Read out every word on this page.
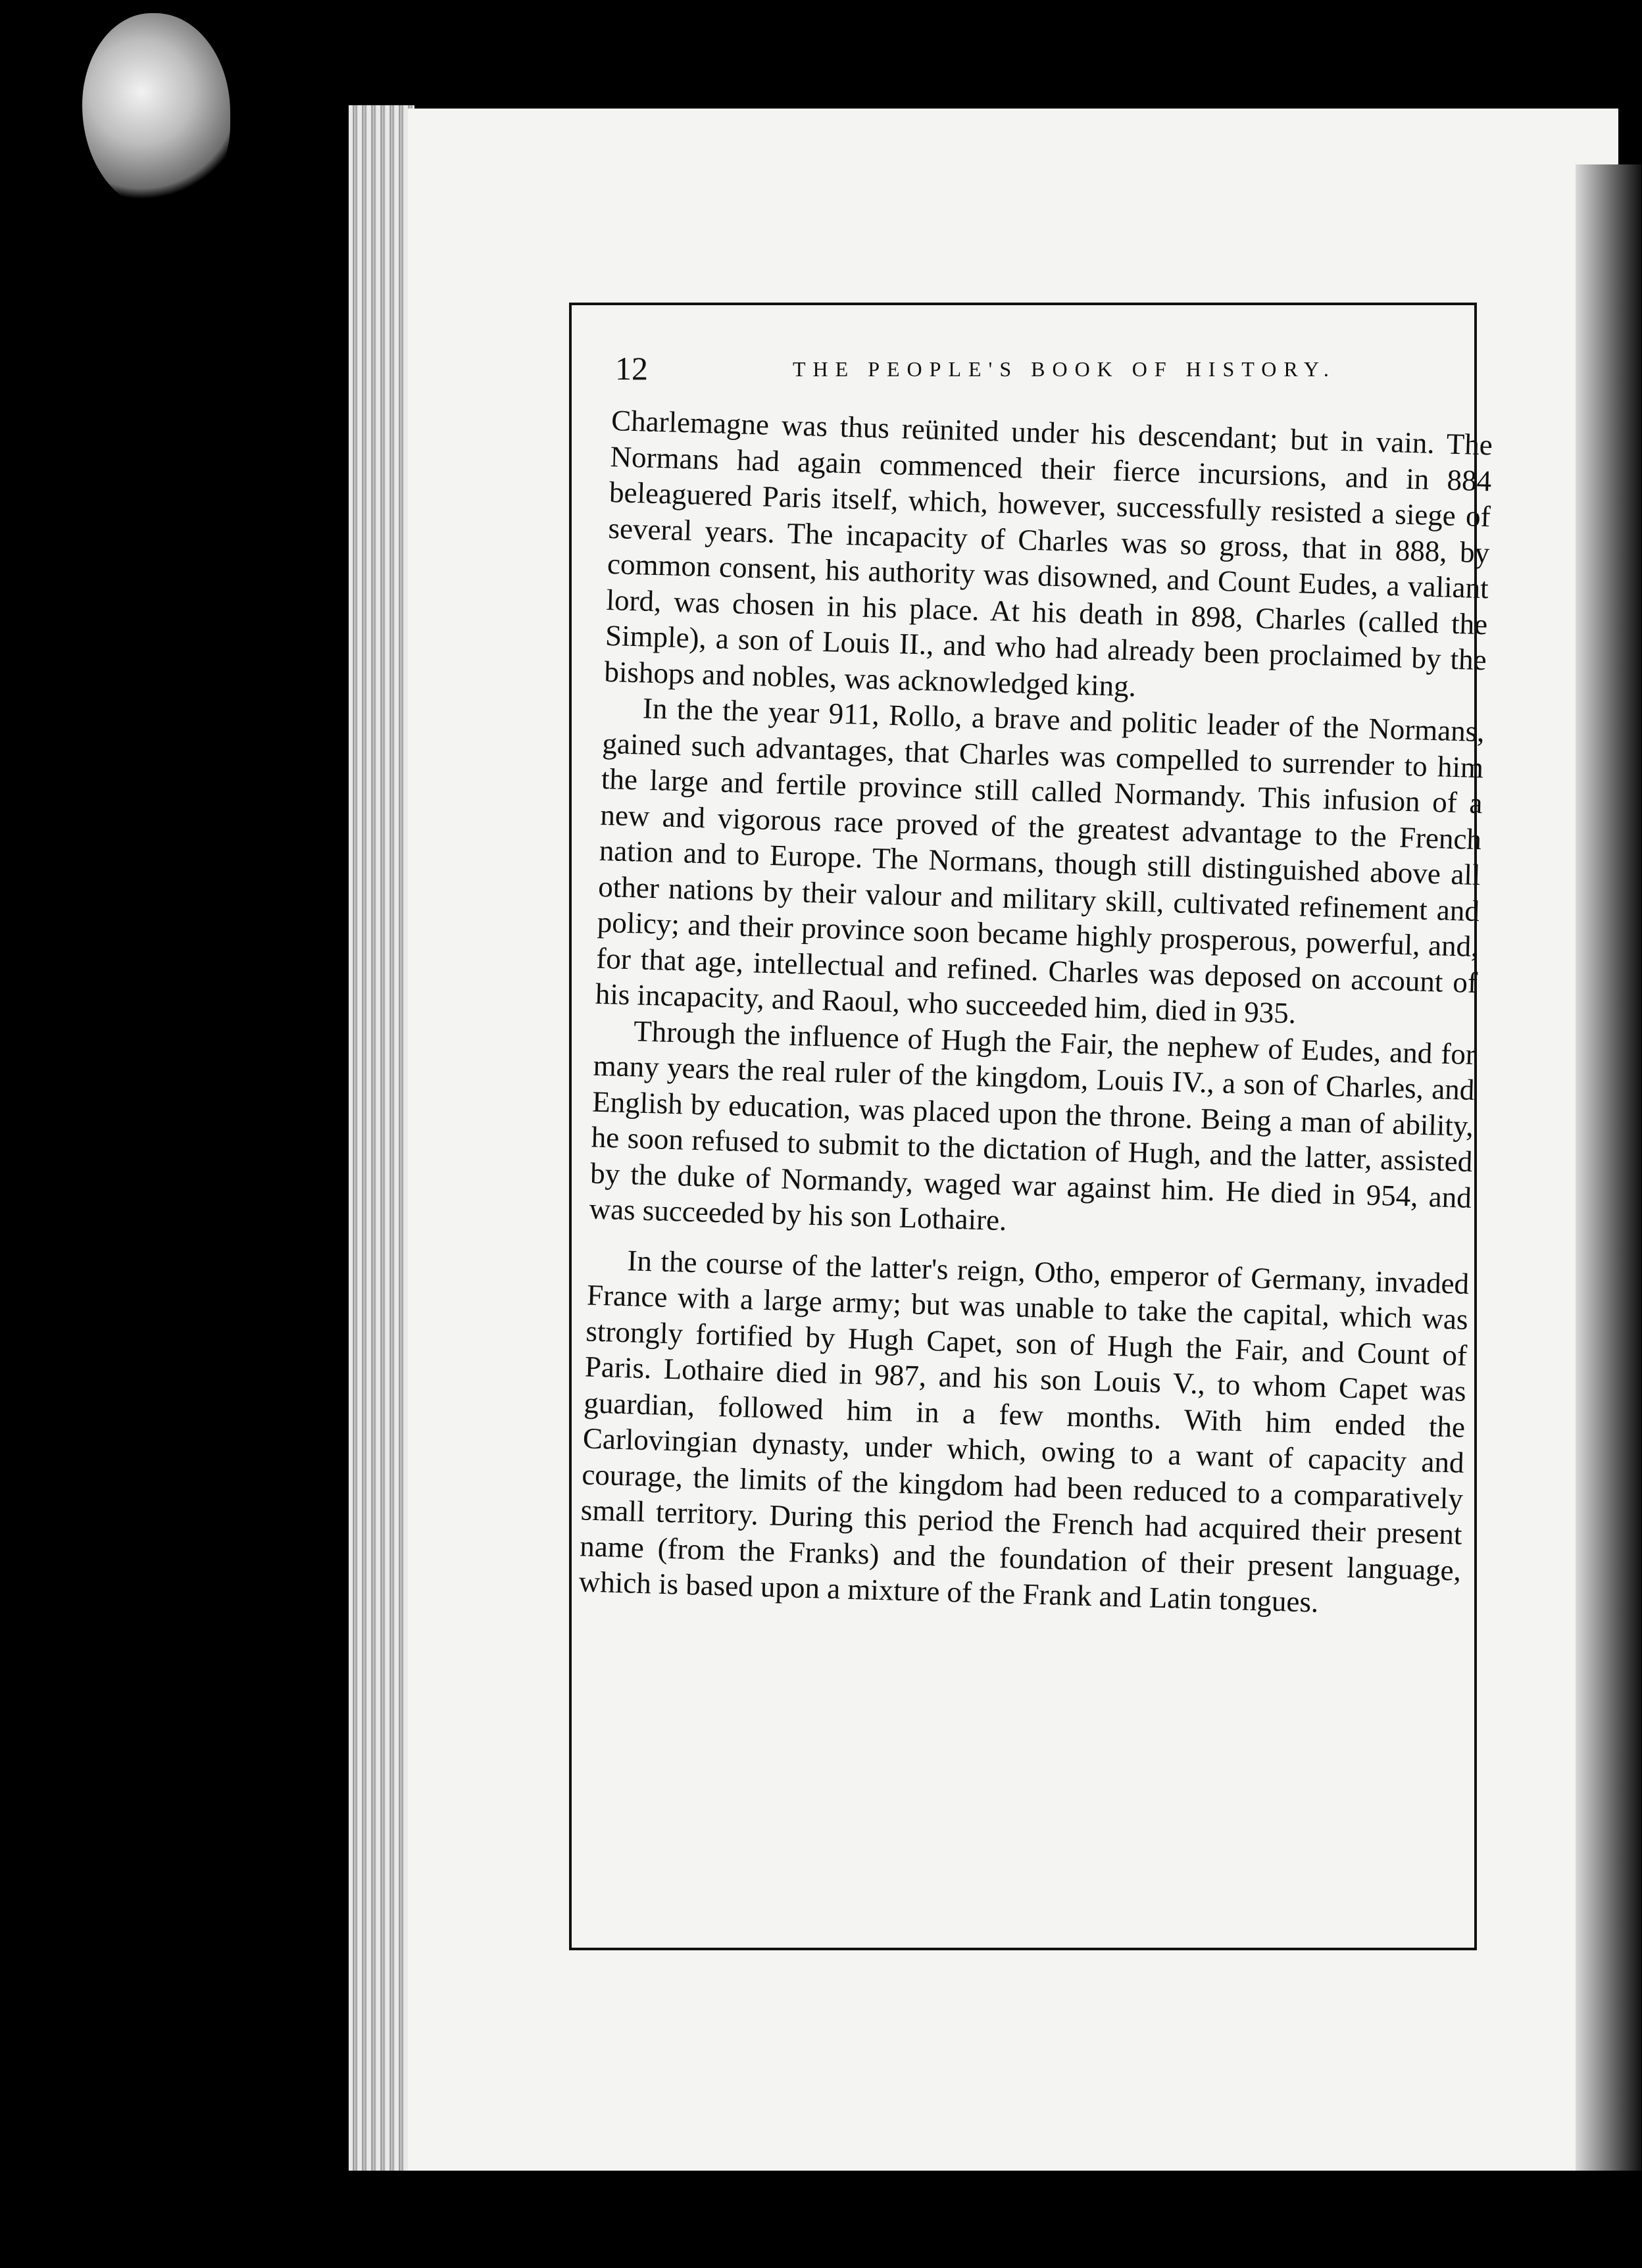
12	THE PEOPLE'S BOOK OF HISTORY.

Charlemagne was thus reünited under his descendant; but in vain. The Normans had again commenced their fierce incursions, and in 884 beleaguered Paris itself, which, however, successfully resisted a siege of several years. The incapacity of Charles was so gross, that in 888, by common consent, his authority was disowned, and Count Eudes, a valiant lord, was chosen in his place. At his death in 898, Charles (called the Simple), a son of Louis II., and who had already been proclaimed by the bishops and nobles, was acknowledged king.

In the the year 911, Rollo, a brave and politic leader of the Normans, gained such advantages, that Charles was compelled to surrender to him the large and fertile province still called Normandy. This infusion of a new and vigorous race proved of the greatest advantage to the French nation and to Europe. The Normans, though still distinguished above all other nations by their valour and military skill, cultivated refinement and policy; and their province soon became highly prosperous, powerful, and, for that age, intellectual and refined. Charles was deposed on account of his incapacity, and Raoul, who succeeded him, died in 935.

Through the influence of Hugh the Fair, the nephew of Eudes, and for many years the real ruler of the kingdom, Louis IV., a son of Charles, and English by education, was placed upon the throne. Being a man of ability, he soon refused to submit to the dictation of Hugh, and the latter, assisted by the duke of Normandy, waged war against him. He died in 954, and was succeeded by his son Lothaire.

In the course of the latter's reign, Otho, emperor of Germany, invaded France with a large army; but was unable to take the capital, which was strongly fortified by Hugh Capet, son of Hugh the Fair, and Count of Paris. Lothaire died in 987, and his son Louis V., to whom Capet was guardian, followed him in a few months. With him ended the Carlovingian dynasty, under which, owing to a want of capacity and courage, the limits of the kingdom had been reduced to a comparatively small territory. During this period the French had acquired their present name (from the Franks) and the foundation of their present language, which is based upon a mixture of the Frank and Latin tongues.
